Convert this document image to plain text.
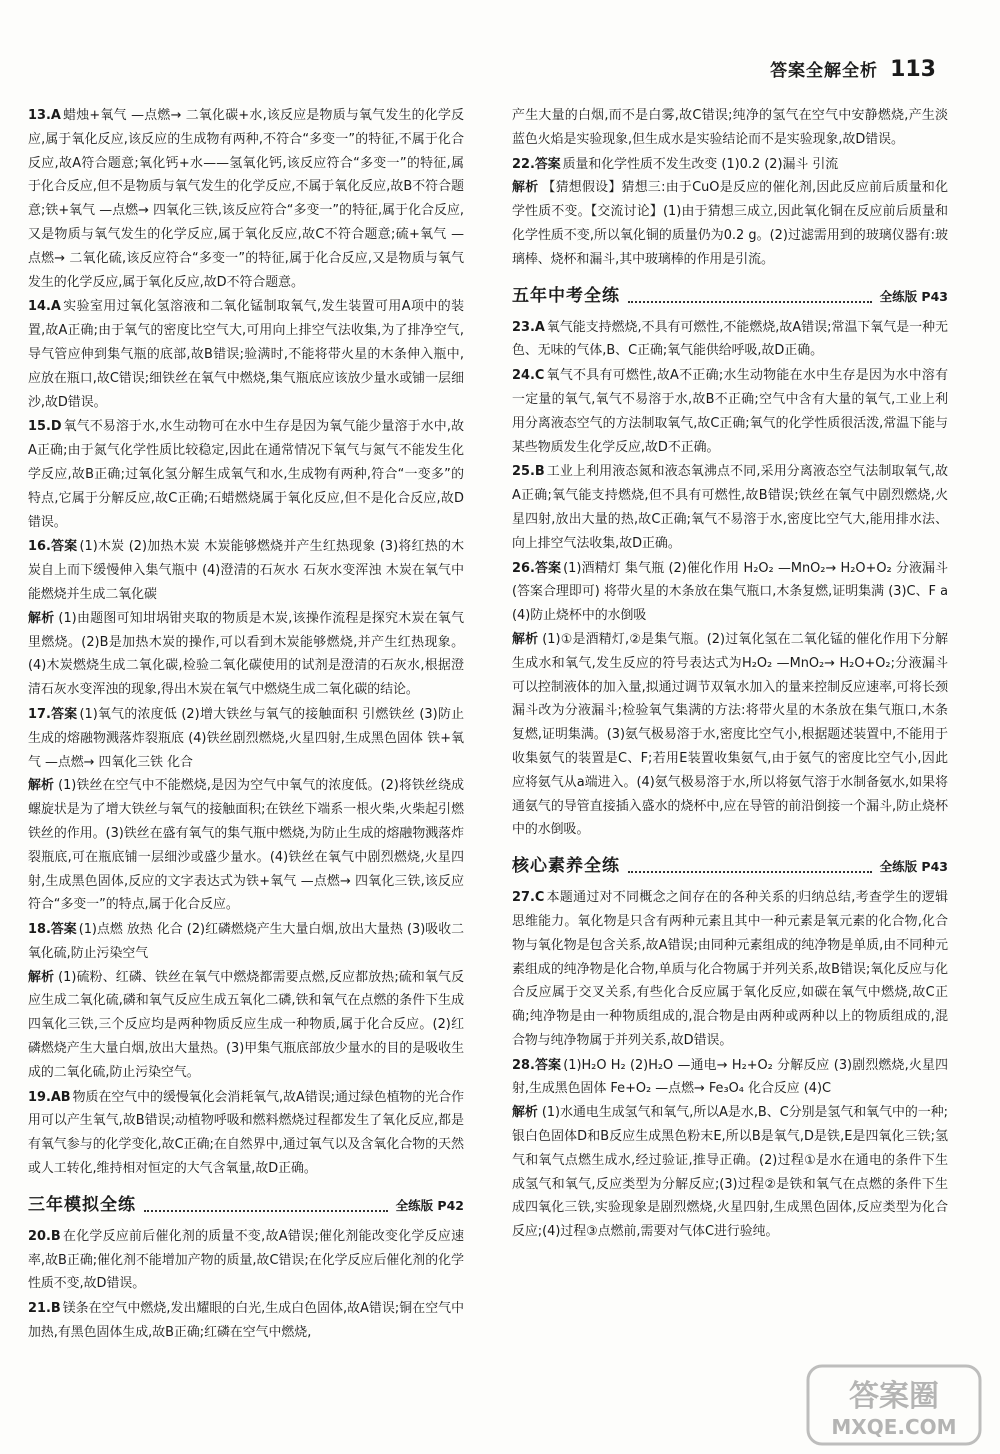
答案全解全析 113
13.A 蜡烛+氧气 —点燃→ 二氧化碳+水,该反应是物质与氧气发生的化学反应,属于氧化反应,该反应的生成物有两种,不符合“多变一”的特征,不属于化合反应,故A符合题意;氧化钙+水——氢氧化钙,该反应符合“多变一”的特征,属于化合反应,但不是物质与氧气发生的化学反应,不属于氧化反应,故B不符合题意;铁+氧气 —点燃→ 四氧化三铁,该反应符合“多变一”的特征,属于化合反应,又是物质与氧气发生的化学反应,属于氧化反应,故C不符合题意;硫+氧气 —点燃→ 二氧化硫,该反应符合“多变一”的特征,属于化合反应,又是物质与氧气发生的化学反应,属于氧化反应,故D不符合题意。
14.A 实验室用过氧化氢溶液和二氧化锰制取氧气,发生装置可用A项中的装置,故A正确;由于氧气的密度比空气大,可用向上排空气法收集,为了排净空气,导气管应伸到集气瓶的底部,故B错误;验满时,不能将带火星的木条伸入瓶中,应放在瓶口,故C错误;细铁丝在氧气中燃烧,集气瓶底应该放少量水或铺一层细沙,故D错误。
15.D 氧气不易溶于水,水生动物可在水中生存是因为氧气能少量溶于水中,故A正确;由于氮气化学性质比较稳定,因此在通常情况下氧气与氮气不能发生化学反应,故B正确;过氧化氢分解生成氧气和水,生成物有两种,符合“一变多”的特点,它属于分解反应,故C正确;石蜡燃烧属于氧化反应,但不是化合反应,故D错误。
16.答案 (1)木炭 (2)加热木炭 木炭能够燃烧并产生红热现象 (3)将红热的木炭自上而下缓慢伸入集气瓶中 (4)澄清的石灰水 石灰水变浑浊 木炭在氧气中能燃烧并生成二氧化碳
解析 (1)由题图可知坩埚钳夹取的物质是木炭,该操作流程是探究木炭在氧气里燃烧。(2)B是加热木炭的操作,可以看到木炭能够燃烧,并产生红热现象。(4)木炭燃烧生成二氧化碳,检验二氧化碳使用的试剂是澄清的石灰水,根据澄清石灰水变浑浊的现象,得出木炭在氧气中燃烧生成二氧化碳的结论。
17.答案 (1)氧气的浓度低 (2)增大铁丝与氧气的接触面积 引燃铁丝 (3)防止生成的熔融物溅落炸裂瓶底 (4)铁丝剧烈燃烧,火星四射,生成黑色固体 铁+氧气 —点燃→ 四氧化三铁 化合
解析 (1)铁丝在空气中不能燃烧,是因为空气中氧气的浓度低。(2)将铁丝绕成螺旋状是为了增大铁丝与氧气的接触面积;在铁丝下端系一根火柴,火柴起引燃铁丝的作用。(3)铁丝在盛有氧气的集气瓶中燃烧,为防止生成的熔融物溅落炸裂瓶底,可在瓶底铺一层细沙或盛少量水。(4)铁丝在氧气中剧烈燃烧,火星四射,生成黑色固体,反应的文字表达式为铁+氧气 —点燃→ 四氧化三铁,该反应符合“多变一”的特点,属于化合反应。
18.答案 (1)点燃 放热 化合 (2)红磷燃烧产生大量白烟,放出大量热 (3)吸收二氧化硫,防止污染空气
解析 (1)硫粉、红磷、铁丝在氧气中燃烧都需要点燃,反应都放热;硫和氧气反应生成二氧化硫,磷和氧气反应生成五氧化二磷,铁和氧气在点燃的条件下生成四氧化三铁,三个反应均是两种物质反应生成一种物质,属于化合反应。(2)红磷燃烧产生大量白烟,放出大量热。(3)甲集气瓶底部放少量水的目的是吸收生成的二氧化硫,防止污染空气。
19.AB 物质在空气中的缓慢氧化会消耗氧气,故A错误;通过绿色植物的光合作用可以产生氧气,故B错误;动植物呼吸和燃料燃烧过程都发生了氧化反应,都是有氧气参与的化学变化,故C正确;在自然界中,通过氧气以及含氧化合物的天然或人工转化,维持相对恒定的大气含氧量,故D正确。
三年模拟全练	全练版 P42
20.B 在化学反应前后催化剂的质量不变,故A错误;催化剂能改变化学反应速率,故B正确;催化剂不能增加产物的质量,故C错误;在化学反应后催化剂的化学性质不变,故D错误。
21.B 镁条在空气中燃烧,发出耀眼的白光,生成白色固体,故A错误;铜在空气中加热,有黑色固体生成,故B正确;红磷在空气中燃烧,
产生大量的白烟,而不是白雾,故C错误;纯净的氢气在空气中安静燃烧,产生淡蓝色火焰是实验现象,但生成水是实验结论而不是实验现象,故D错误。
22.答案 质量和化学性质不发生改变 (1)0.2 (2)漏斗 引流
解析 【猜想假设】猜想三:由于CuO是反应的催化剂,因此反应前后质量和化学性质不变。【交流讨论】(1)由于猜想三成立,因此氧化铜在反应前后质量和化学性质不变,所以氧化铜的质量仍为0.2 g。(2)过滤需用到的玻璃仪器有:玻璃棒、烧杯和漏斗,其中玻璃棒的作用是引流。
五年中考全练	全练版 P43
23.A 氧气能支持燃烧,不具有可燃性,不能燃烧,故A错误;常温下氧气是一种无色、无味的气体,B、C正确;氧气能供给呼吸,故D正确。
24.C 氧气不具有可燃性,故A不正确;水生动物能在水中生存是因为水中溶有一定量的氧气,氧气不易溶于水,故B不正确;空气中含有大量的氧气,工业上利用分离液态空气的方法制取氧气,故C正确;氧气的化学性质很活泼,常温下能与某些物质发生化学反应,故D不正确。
25.B 工业上利用液态氮和液态氧沸点不同,采用分离液态空气法制取氧气,故A正确;氧气能支持燃烧,但不具有可燃性,故B错误;铁丝在氧气中剧烈燃烧,火星四射,放出大量的热,故C正确;氧气不易溶于水,密度比空气大,能用排水法、向上排空气法收集,故D正确。
26.答案 (1)酒精灯 集气瓶 (2)催化作用 H₂O₂ —MnO₂→ H₂O+O₂ 分液漏斗(答案合理即可) 将带火星的木条放在集气瓶口,木条复燃,证明集满 (3)C、F a (4)防止烧杯中的水倒吸
解析 (1)①是酒精灯,②是集气瓶。(2)过氧化氢在二氧化锰的催化作用下分解生成水和氧气,发生反应的符号表达式为H₂O₂ —MnO₂→ H₂O+O₂;分液漏斗可以控制液体的加入量,拟通过调节双氧水加入的量来控制反应速率,可将长颈漏斗改为分液漏斗;检验氧气集满的方法:将带火星的木条放在集气瓶口,木条复燃,证明集满。(3)氨气极易溶于水,密度比空气小,根据题述装置中,不能用于收集氨气的装置是C、F;若用E装置收集氨气,由于氨气的密度比空气小,因此应将氨气从a端进入。(4)氨气极易溶于水,所以将氨气溶于水制备氨水,如果将通氨气的导管直接插入盛水的烧杯中,应在导管的前沿倒接一个漏斗,防止烧杯中的水倒吸。
核心素养全练	全练版 P43
27.C 本题通过对不同概念之间存在的各种关系的归纳总结,考查学生的逻辑思维能力。氧化物是只含有两种元素且其中一种元素是氧元素的化合物,化合物与氧化物是包含关系,故A错误;由同种元素组成的纯净物是单质,由不同种元素组成的纯净物是化合物,单质与化合物属于并列关系,故B错误;氧化反应与化合反应属于交叉关系,有些化合反应属于氧化反应,如碳在氧气中燃烧,故C正确;纯净物是由一种物质组成的,混合物是由两种或两种以上的物质组成的,混合物与纯净物属于并列关系,故D错误。
28.答案 (1)H₂O H₂ (2)H₂O —通电→ H₂+O₂ 分解反应 (3)剧烈燃烧,火星四射,生成黑色固体 Fe+O₂ —点燃→ Fe₃O₄ 化合反应 (4)C
解析 (1)水通电生成氢气和氧气,所以A是水,B、C分别是氢气和氧气中的一种;银白色固体D和B反应生成黑色粉末E,所以B是氧气,D是铁,E是四氧化三铁;氢气和氧气点燃生成水,经过验证,推导正确。(2)过程①是水在通电的条件下生成氢气和氧气,反应类型为分解反应;(3)过程②是铁和氧气在点燃的条件下生成四氧化三铁,实验现象是剧烈燃烧,火星四射,生成黑色固体,反应类型为化合反应;(4)过程③点燃前,需要对气体C进行验纯。
答案圈
MXQE.COM
